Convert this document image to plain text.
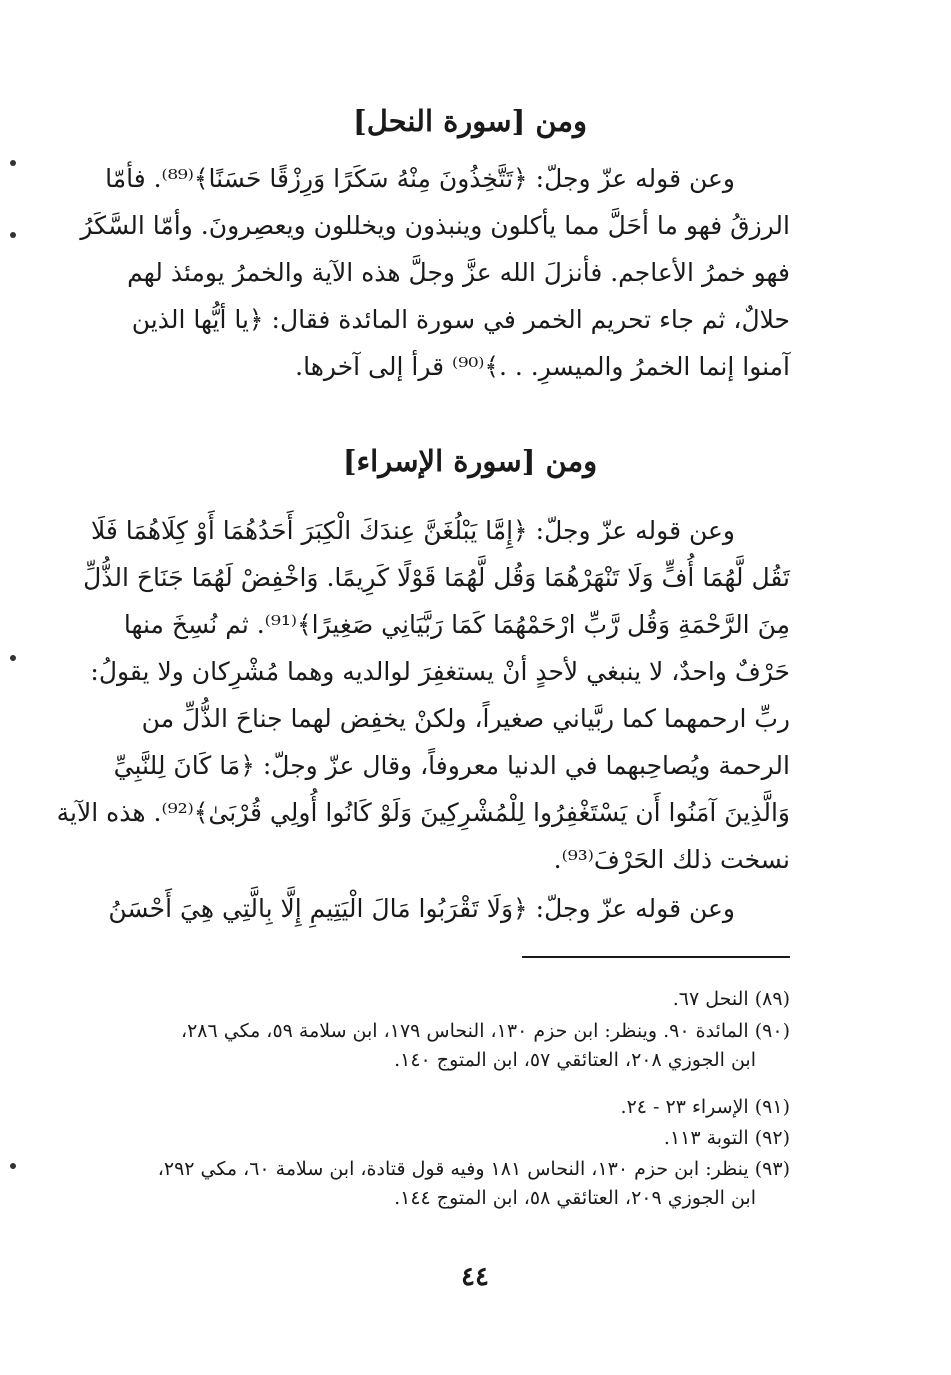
ومن [سورة النحل]
وعن قوله عزّ وجلّ: ﴿تَتَّخِذُونَ مِنْهُ سَكَرًا وَرِزْقًا حَسَنًا﴾⁽⁸⁹⁾. فأمّا
الرزقُ فهو ما أحَلَّ مما يأكلون وينبذون ويخللون ويعصِرونَ. وأمّا السَّكَرُ
فهو خمرُ الأعاجم. فأنزلَ الله عزَّ وجلَّ هذه الآية والخمرُ يومئذ لهم
حلالٌ، ثم جاء تحريم الخمر في سورة المائدة فقال: ﴿يا أيُّها الذين
آمنوا إنما الخمرُ والميسرِ. . .﴾⁽⁹⁰⁾ قرأ إلى آخرها.
ومن [سورة الإسراء]
وعن قوله عزّ وجلّ: ﴿إِمَّا يَبْلُغَنَّ عِندَكَ الْكِبَرَ أَحَدُهُمَا أَوْ كِلَاهُمَا فَلَا
تَقُل لَّهُمَا أُفٍّ وَلَا تَنْهَرْهُمَا وَقُل لَّهُمَا قَوْلًا كَرِيمًا. وَاخْفِضْ لَهُمَا جَنَاحَ الذُّلِّ
مِنَ الرَّحْمَةِ وَقُل رَّبِّ ارْحَمْهُمَا كَمَا رَبَّيَانِي صَغِيرًا﴾⁽⁹¹⁾. ثم نُسِخَ منها
حَرْفٌ واحدٌ، لا ينبغي لأحدٍ أنْ يستغفِرَ لوالديه وهما مُشْرِكان ولا يقولُ:
ربِّ ارحمهما كما ربَّياني صغيراً، ولكنْ يخفِض لهما جناحَ الذُّلِّ من
الرحمة ويُصاحِبهما في الدنيا معروفاً، وقال عزّ وجلّ: ﴿مَا كَانَ لِلنَّبِيِّ
وَالَّذِينَ آمَنُوا أَن يَسْتَغْفِرُوا لِلْمُشْرِكِينَ وَلَوْ كَانُوا أُولِي قُرْبَىٰ﴾⁽⁹²⁾. هذه الآية
نسخت ذلك الحَرْفَ⁽⁹³⁾.
وعن قوله عزّ وجلّ: ﴿وَلَا تَقْرَبُوا مَالَ الْيَتِيمِ إِلَّا بِالَّتِي هِيَ أَحْسَنُ

(٨٩) النحل ٦٧.

(٩٠) المائدة ٩٠. وينظر: ابن حزم ١٣٠، النحاس ١٧٩، ابن سلامة ٥٩، مكي ٢٨٦،
ابن الجوزي ٢٠٨، العتائقي ٥٧، ابن المتوج ١٤٠.

(٩١) الإسراء ٢٣ - ٢٤.

(٩٢) التوبة ١١٣.

(٩٣) ينظر: ابن حزم ١٣٠، النحاس ١٨١ وفيه قول قتادة، ابن سلامة ٦٠، مكي ٢٩٢،
ابن الجوزي ٢٠٩، العتائقي ٥٨، ابن المتوج ١٤٤.

٤٤
